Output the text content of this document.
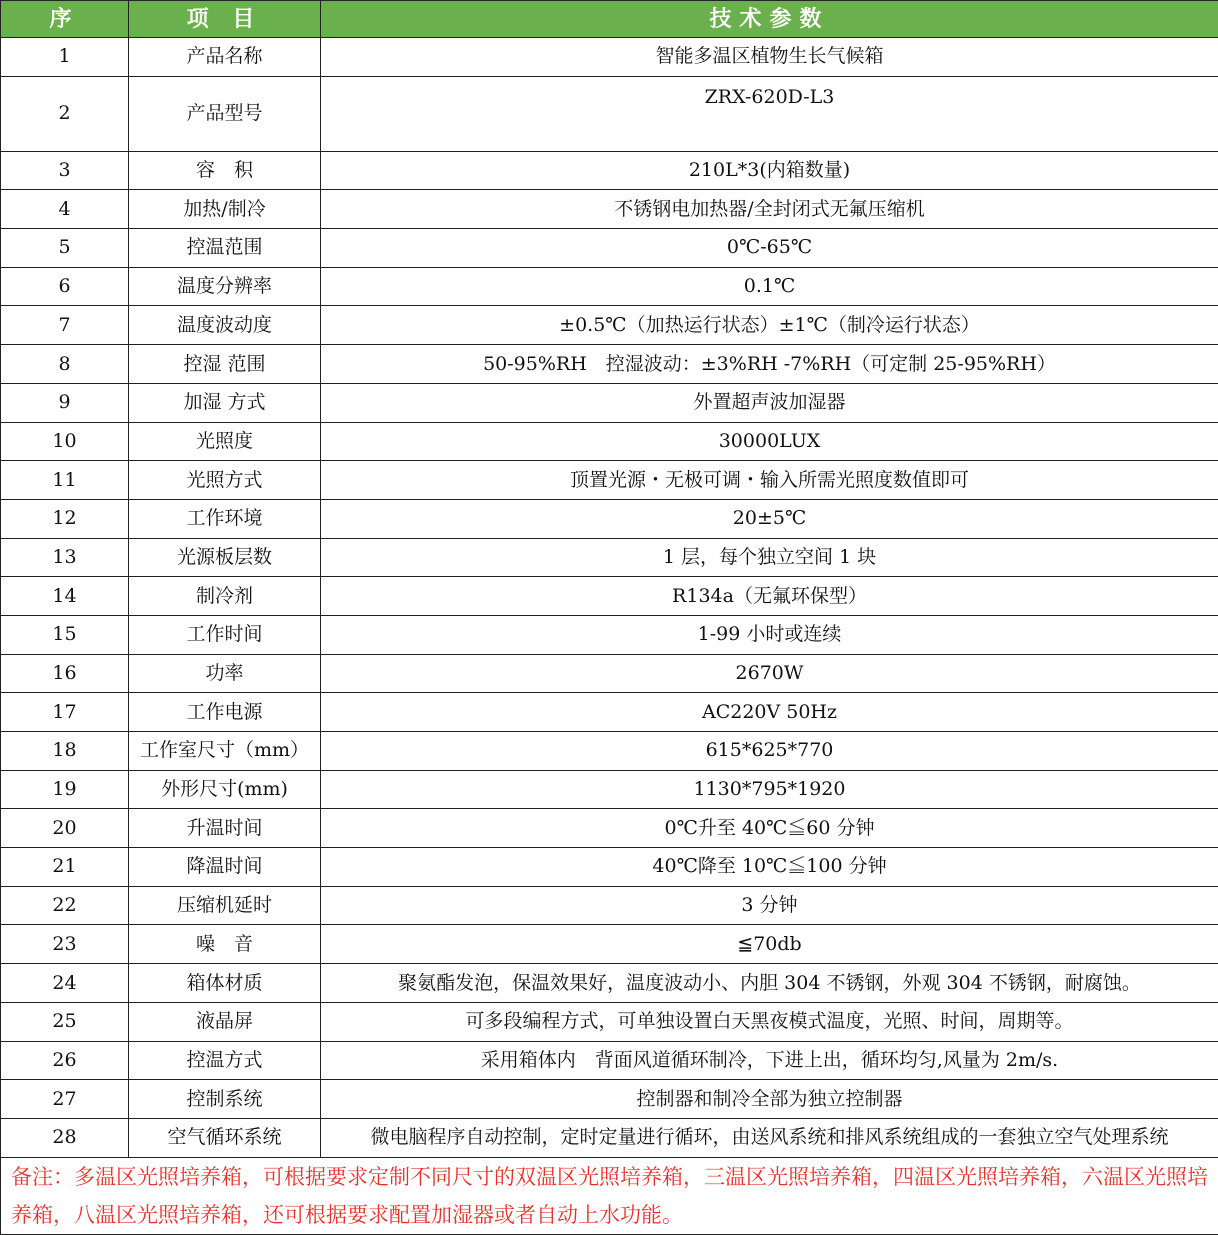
序	项 目	技术参数
1	产品名称	智能多温区植物生长气候箱
2	产品型号	ZRX-620D-L3
3	容　积	210L*3(内箱数量)
4	加热/制冷	不锈钢电加热器/全封闭式无氟压缩机
5	控温范围	0℃-65℃
6	温度分辨率	0.1℃
7	温度波动度	±0.5℃（加热运行状态）±1℃（制冷运行状态）
8	控湿 范围	50-95%RH　控湿波动：±3%RH -7%RH（可定制 25-95%RH）
9	加湿 方式	外置超声波加湿器
10	光照度	30000LUX
11	光照方式	顶置光源・无极可调・输入所需光照度数值即可
12	工作环境	20±5℃
13	光源板层数	1 层，每个独立空间 1 块
14	制冷剂	R134a（无氟环保型）
15	工作时间	1-99 小时或连续
16	功率	2670W
17	工作电源	AC220V 50Hz
18	工作室尺寸（mm）	615*625*770
19	外形尺寸(mm)	1130*795*1920
20	升温时间	0℃升至 40℃≦60 分钟
21	降温时间	40℃降至 10℃≦100 分钟
22	压缩机延时	3 分钟
23	噪　音	≦70db
24	箱体材质	聚氨酯发泡，保温效果好，温度波动小、内胆 304 不锈钢，外观 304 不锈钢，耐腐蚀。
25	液晶屏	可多段编程方式，可单独设置白天黑夜模式温度，光照、时间，周期等。
26	控温方式	采用箱体内　背面风道循环制冷，下进上出，循环均匀,风量为 2m/s.
27	控制系统	控制器和制冷全部为独立控制器
28	空气循环系统	微电脑程序自动控制，定时定量进行循环，由送风系统和排风系统组成的一套独立空气处理系统
备注：多温区光照培养箱，可根据要求定制不同尺寸的双温区光照培养箱，三温区光照培养箱，四温区光照培养箱，六温区光照培养箱，八温区光照培养箱，还可根据要求配置加湿器或者自动上水功能。		
